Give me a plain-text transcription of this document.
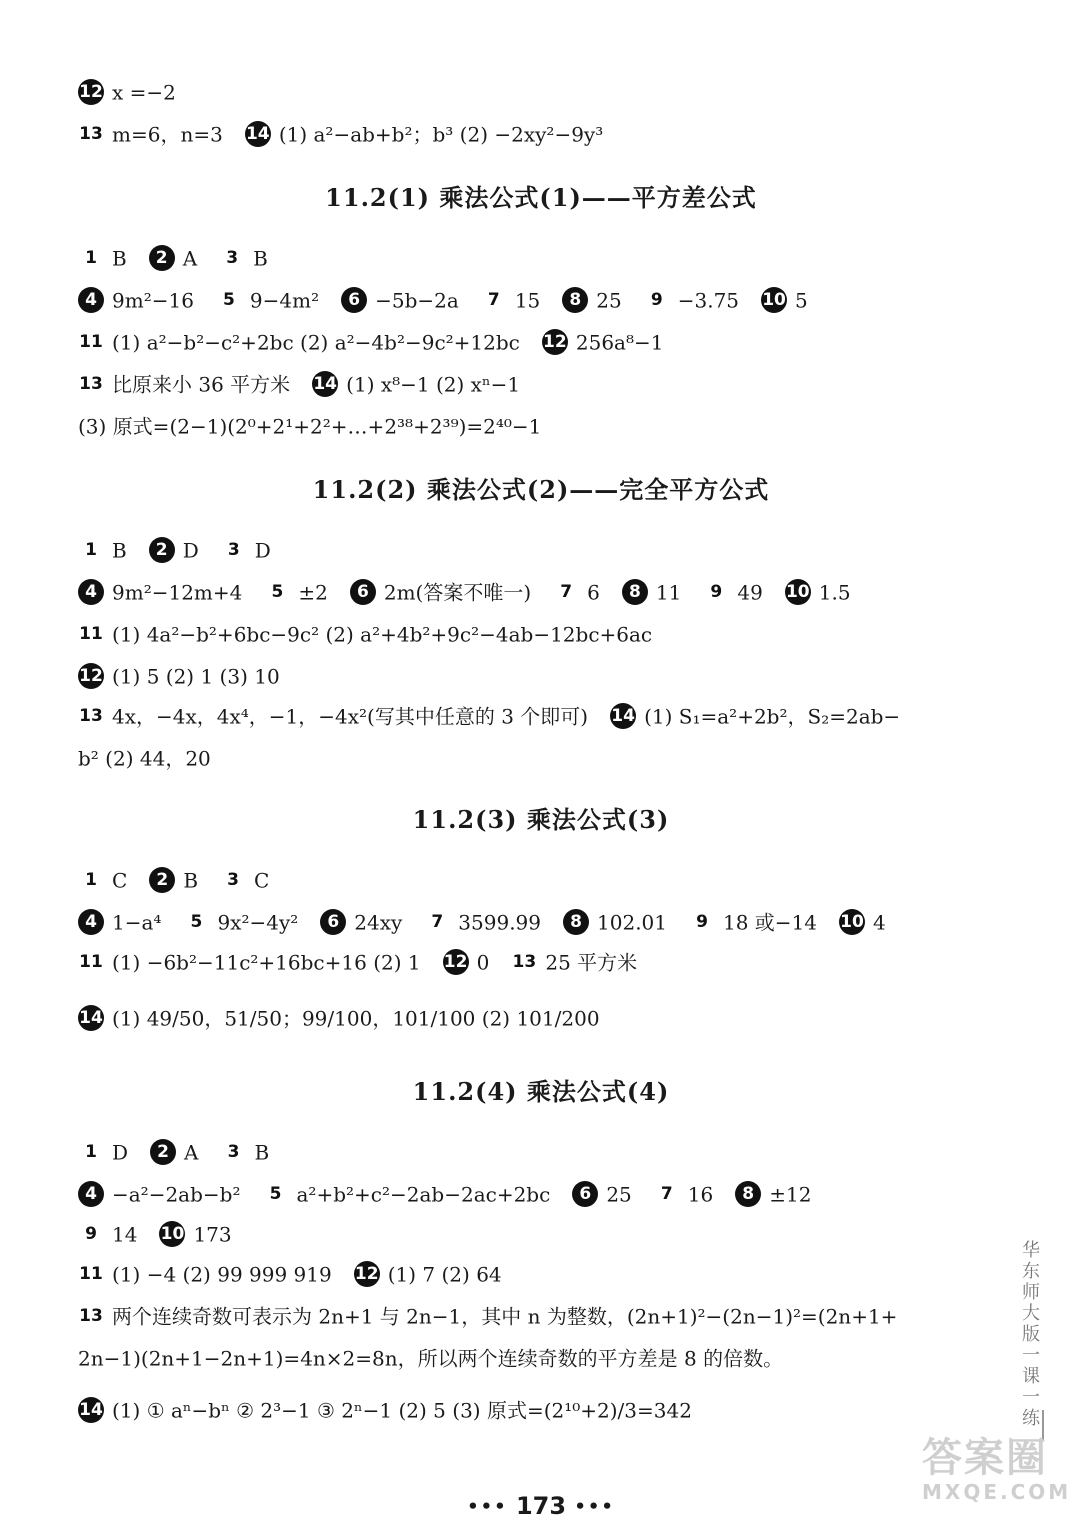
12 x =−2
13 m=6，n=3 14 (1) a²−ab+b²；b³ (2) −2xy²−9y³
1 B 2 A 3 B
4 9m²−16 5 9−4m² 6 −5b−2a 7 15 8 25 9 −3.75 10 5
11 (1) a²−b²−c²+2bc (2) a²−4b²−9c²+12bc 12 256a⁸−1
13 比原来小 36 平方米 14 (1) x⁸−1 (2) xⁿ−1
(3) 原式=(2−1)(2⁰+2¹+2²+…+2³⁸+2³⁹)=2⁴⁰−1
1 B 2 D 3 D
4 9m²−12m+4 5 ±2 6 2m(答案不唯一) 7 6 8 11 9 49 10 1.5
11 (1) 4a²−b²+6bc−9c² (2) a²+4b²+9c²−4ab−12bc+6ac
12 (1) 5 (2) 1 (3) 10
13 4x，−4x，4x⁴，−1，−4x²(写其中任意的 3 个即可) 14 (1) S₁=a²+2b²，S₂=2ab−
b² (2) 44，20
1 C 2 B 3 C
4 1−a⁴ 5 9x²−4y² 6 24xy 7 3599.99 8 102.01 9 18 或−14 10 4
11 (1) −6b²−11c²+16bc+16 (2) 1 12 0 13 25 平方米
14 (1) 49/50，51/50；99/100，101/100 (2) 101/200
1 D 2 A 3 B
4 −a²−2ab−b² 5 a²+b²+c²−2ab−2ac+2bc 6 25 7 16 8 ±12
9 14 10 173
11 (1) −4 (2) 99 999 919 12 (1) 7 (2) 64
13 两个连续奇数可表示为 2n+1 与 2n−1，其中 n 为整数，(2n+1)²−(2n−1)²=(2n+1+
2n−1)(2n+1−2n+1)=4n×2=8n，所以两个连续奇数的平方差是 8 的倍数。
14 (1) ① aⁿ−bⁿ ② 2³−1 ③ 2ⁿ−1 (2) 5 (3) 原式=(2¹⁰+2)/3=342
11.2(1) 乘法公式(1)——平方差公式
11.2(2) 乘法公式(2)——完全平方公式
11.2(3) 乘法公式(3)
11.2(4) 乘法公式(4)
华东师大版一课一练
••• 173 •••
答案圈
MXQE.COM
